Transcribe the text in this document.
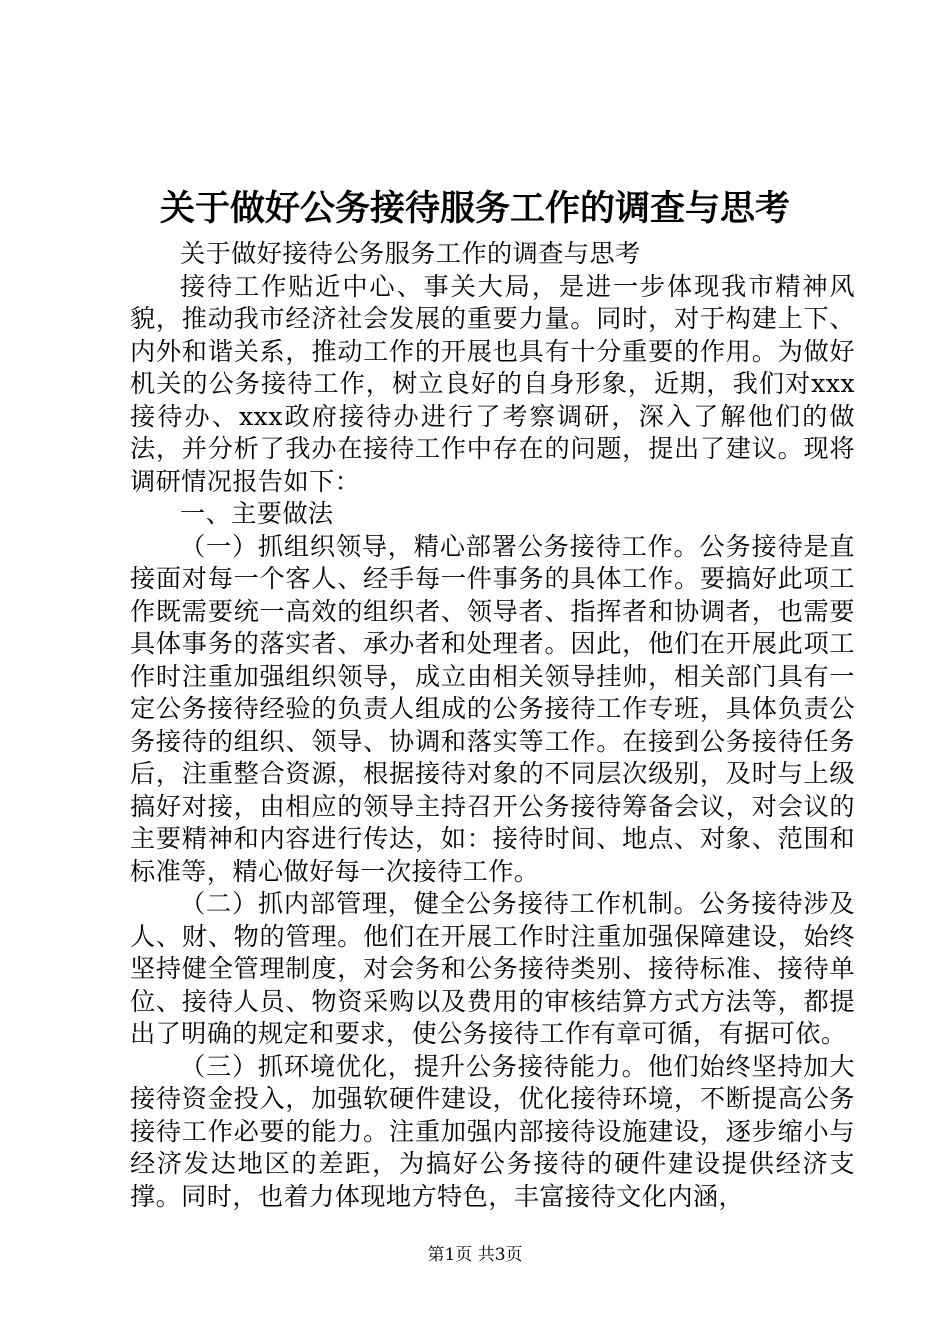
关于做好公务接待服务工作的调查与思考

关于做好接待公务服务工作的调查与思考

接待工作贴近中心、事关大局，是进一步体现我市精神风貌，推动我市经济社会发展的重要力量。同时，对于构建上下、内外和谐关系，推动工作的开展也具有十分重要的作用。为做好机关的公务接待工作，树立良好的自身形象，近期，我们对xxx接待办、xxx政府接待办进行了考察调研，深入了解他们的做法，并分析了我办在接待工作中存在的问题，提出了建议。现将调研情况报告如下：

一、主要做法

（一）抓组织领导，精心部署公务接待工作。公务接待是直接面对每一个客人、经手每一件事务的具体工作。要搞好此项工作既需要统一高效的组织者、领导者、指挥者和协调者，也需要具体事务的落实者、承办者和处理者。因此，他们在开展此项工作时注重加强组织领导，成立由相关领导挂帅，相关部门具有一定公务接待经验的负责人组成的公务接待工作专班，具体负责公务接待的组织、领导、协调和落实等工作。在接到公务接待任务后，注重整合资源，根据接待对象的不同层次级别，及时与上级搞好对接，由相应的领导主持召开公务接待筹备会议，对会议的主要精神和内容进行传达，如：接待时间、地点、对象、范围和标准等，精心做好每一次接待工作。

（二）抓内部管理，健全公务接待工作机制。公务接待涉及人、财、物的管理。他们在开展工作时注重加强保障建设，始终坚持健全管理制度，对会务和公务接待类别、接待标准、接待单位、接待人员、物资采购以及费用的审核结算方式方法等，都提出了明确的规定和要求，使公务接待工作有章可循，有据可依。

（三）抓环境优化，提升公务接待能力。他们始终坚持加大接待资金投入，加强软硬件建设，优化接待环境，不断提高公务接待工作必要的能力。注重加强内部接待设施建设，逐步缩小与经济发达地区的差距，为搞好公务接待的硬件建设提供经济支撑。同时，也着力体现地方特色，丰富接待文化内涵，

第1页 共3页
